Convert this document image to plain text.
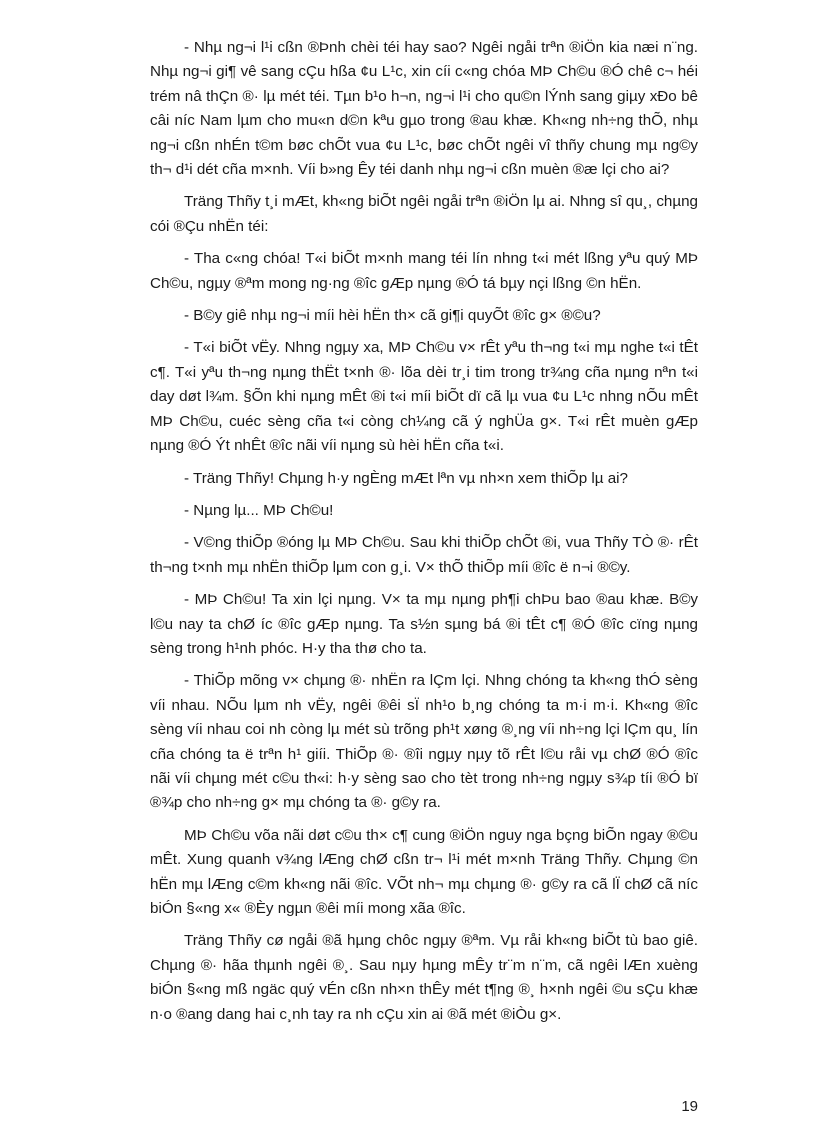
- Nhµ ng¬i l¹i cßn ®Þnh chèi téi hay sao? Ngêi ngåi trªn ®iÖn kia næi n¨ng. Nhµ ng¬i gi¶ vê sang cÇu hßa ¢u L¹c, xin cíi c«ng chóa MÞ Ch©u ®Ó chê c¬ héi trém nâ thÇn ®· lµ mét téi. Tµn b¹o h¬n, ng¬i l¹i cho qu©n lÝnh sang giµy xÐo bê câi níc Nam lµm cho mu«n d©n kªu gµo trong ®au khæ. Kh«ng nh÷ng thÕ, nhµ ng¬i cßn nhÉn t©m bøc chÕt vua ¢u L¹c, bøc chÕt ngêi vî thñy chung mµ ng©y th¬ d¹i dét cña m×nh. Víi b»ng Êy téi danh nhµ ng¬i cßn muèn ®æ lçi cho ai?

Träng Thñy t¸i mÆt, kh«ng biÕt ngêi ngåi trªn ®iÖn lµ ai. Nhng sî qu¸, chµng cói ®Çu nhËn téi:

- Tha c«ng chóa! T«i biÕt m×nh mang téi lín nhng t«i mét lßng yªu quý MÞ Ch©u, ngµy ®ªm mong ng·ng ®îc gÆp nµng ®Ó tá bµy nçi lßng ©n hËn.

- B©y giê nhµ ng¬i míi hèi hËn th× cã gi¶i quyÕt ®îc g× ®©u?

- T«i biÕt vËy. Nhng ngµy xa, MÞ Ch©u v× rÊt yªu th¬ng t«i mµ nghe t«i tÊt c¶. T«i yªu th¬ng nµng thËt t×nh ®· lõa dèi tr¸i tim trong tr¾ng cña nµng nªn t«i day døt l¾m. §Õn khi nµng mÊt ®i t«i míi biÕt dï cã lµ vua ¢u L¹c nhng nÕu mÊt MÞ Ch©u, cuéc sèng cña t«i còng ch¼ng cã ý nghÜa g×. T«i rÊt muèn gÆp nµng ®Ó Ýt nhÊt ®îc nãi víi nµng sù hèi hËn cña t«i.

- Träng Thñy! Chµng h·y ngÈng mÆt lªn vµ nh×n xem thiÕp lµ ai?

- Nµng lµ... MÞ Ch©u!

- V©ng thiÕp ®óng lµ MÞ Ch©u. Sau khi thiÕp chÕt ®i, vua Thñy TÒ ®· rÊt th¬ng t×nh mµ nhËn thiÕp lµm con g¸i. V× thÕ thiÕp míi ®îc ë n¬i ®©y.

- MÞ Ch©u! Ta xin lçi nµng. V× ta mµ nµng ph¶i chÞu bao ®au khæ. B©y l©u nay ta chØ íc ®îc gÆp nµng. Ta s½n sµng bá ®i tÊt c¶ ®Ó ®îc cïng nµng sèng trong h¹nh phóc. H·y tha thø cho ta.

- ThiÕp mõng v× chµng ®· nhËn ra lÇm lçi. Nhng chóng ta kh«ng thÓ sèng víi nhau. NÕu lµm nh vËy, ngêi ®êi sÏ nh¹o b¸ng chóng ta m·i m·i. Kh«ng ®îc sèng víi nhau coi nh còng lµ mét sù trõng ph¹t xøng ®¸ng víi nh÷ng lçi lÇm qu¸ lín cña chóng ta ë trªn h¹ giíi. ThiÕp ®· ®îi ngµy nµy tõ rÊt l©u råi vµ chØ ®Ó ®îc nãi víi chµng mét c©u th«i: h·y sèng sao cho tèt trong nh÷ng ngµy s¾p tíi ®Ó bï ®¾p cho nh÷ng g× mµ chóng ta ®· g©y ra.

MÞ Ch©u võa nãi døt c©u th× c¶ cung ®iÖn nguy nga bçng biÕn ngay ®©u mÊt. Xung quanh v¾ng lÆng chØ cßn tr¬ l¹i mét m×nh Träng Thñy. Chµng ©n hËn mµ lÆng c©m kh«ng nãi ®îc. VÕt nh¬ mµ chµng ®· g©y ra cã lÏ chØ cã níc biÓn §«ng x« ®Èy ngµn ®êi míi mong xãa ®îc.

Träng Thñy cø ngåi ®ã hµng chôc ngµy ®ªm. Vµ råi kh«ng biÕt tù bao giê. Chµng ®· hãa thµnh ngêi ®¸. Sau nµy hµng mÊy tr¨m n¨m, cã ngêi lÆn xuèng biÓn §«ng mß ngäc quý vÉn cßn nh×n thÊy mét t¶ng ®¸ h×nh ngêi ©u sÇu khæ n·o ®ang dang hai c¸nh tay ra nh cÇu xin ai ®ã mét ®iÒu g×.

19
